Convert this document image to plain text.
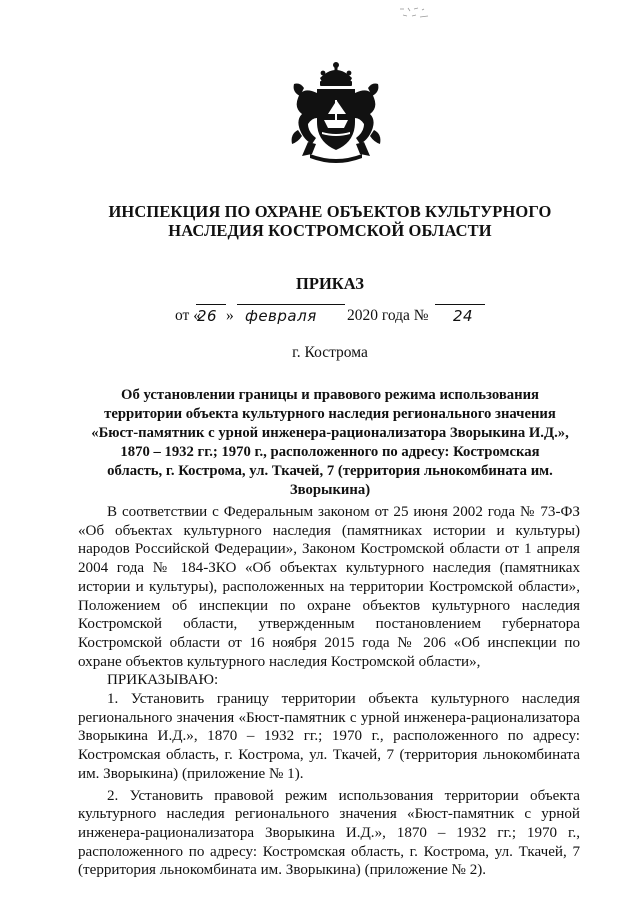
ИНСПЕКЦИЯ ПО ОХРАНЕ ОБЪЕКТОВ КУЛЬТУРНОГО
НАСЛЕДИЯ КОСТРОМСКОЙ ОБЛАСТИ
ПРИКАЗ
от «
26 » февраля 2020 года № 24
г. Кострома
Об установлении границы и правового режима использования
территории объекта культурного наследия регионального значения
«Бюст-памятник с урной инженера-рационализатора Зворыкина И.Д.»,
1870 – 1932 гг.; 1970 г., расположенного по адресу: Костромская
область, г. Кострома, ул. Ткачей, 7 (территория льнокомбината им.
Зворыкина)

В соответствии с Федеральным законом от 25 июня 2002 года № 73-ФЗ «Об объектах культурного наследия (памятниках истории и культуры) народов Российской Федерации», Законом Костромской области от 1 апреля 2004 года № 184-ЗКО «Об объектах культурного наследия (памятниках истории и культуры), расположенных на территории Костромской области», Положением об инспекции по охране объектов культурного наследия Костромской области, утвержденным постановлением губернатора Костромской области от 16 ноября 2015 года № 206 «Об инспекции по охране объектов культурного наследия Костромской области»,

ПРИКАЗЫВАЮ:

1. Установить границу территории объекта культурного наследия регионального значения «Бюст-памятник с урной инженера-рационализатора Зворыкина И.Д.», 1870 – 1932 гг.; 1970 г., расположенного по адресу: Костромская область, г. Кострома, ул. Ткачей, 7 (территория льнокомбината им. Зворыкина) (приложение № 1).

2. Установить правовой режим использования территории объекта культурного наследия регионального значения «Бюст-памятник с урной инженера-рационализатора Зворыкина И.Д.», 1870 – 1932 гг.; 1970 г., расположенного по адресу: Костромская область, г. Кострома, ул. Ткачей, 7 (территория льнокомбината им. Зворыкина) (приложение № 2).
